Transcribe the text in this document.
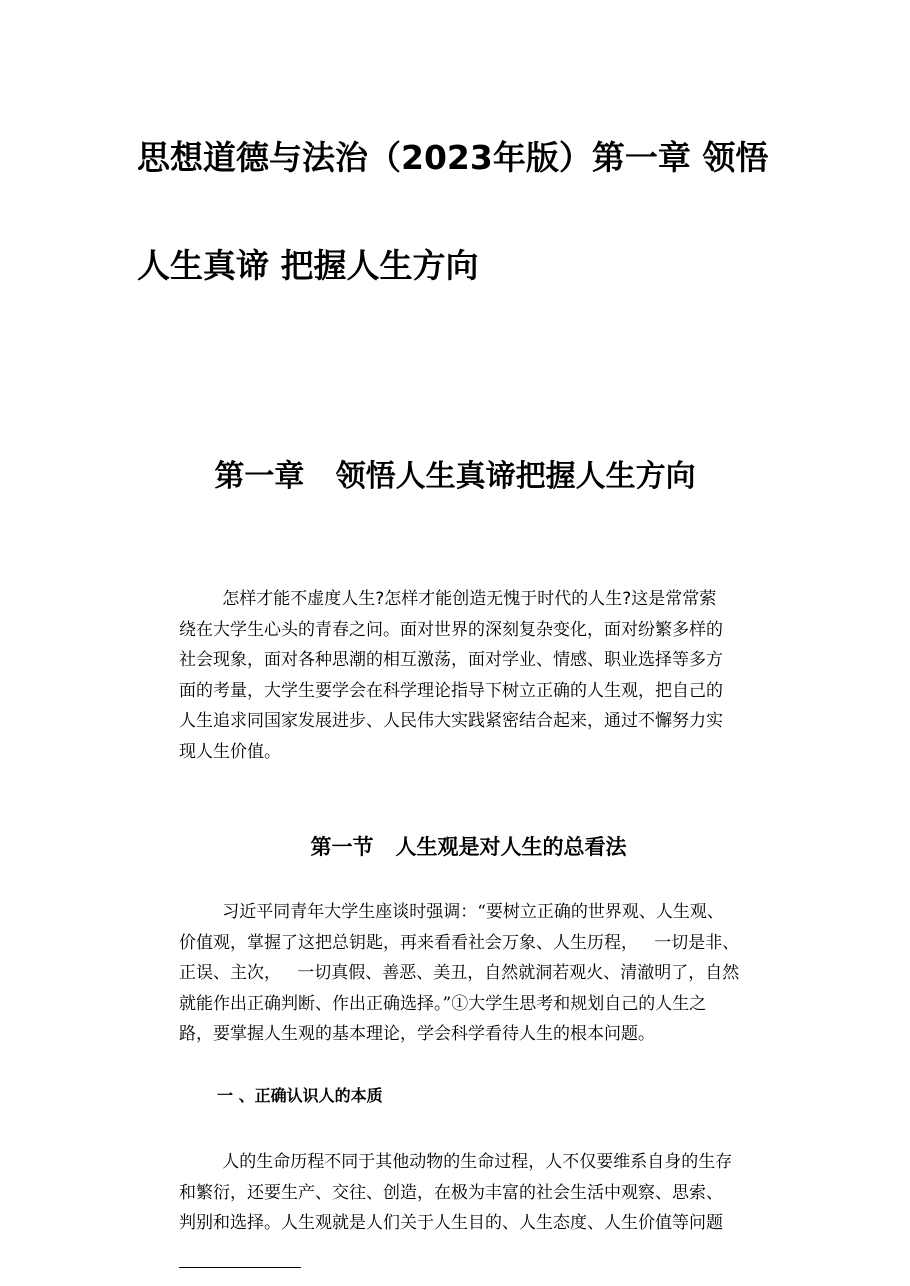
思想道德与法治（2023年版）第一章 领悟
人生真谛 把握人生方向
第一章   领悟人生真谛把握人生方向
怎样才能不虚度人生?怎样才能创造无愧于时代的人生?这是常常萦
绕在大学生心头的青春之问。面对世界的深刻复杂变化，面对纷繁多样的
社会现象，面对各种思潮的相互激荡，面对学业、情感、职业选择等多方
面的考量，大学生要学会在科学理论指导下树立正确的人生观，把自己的
人生追求同国家发展进步、人民伟大实践紧密结合起来，通过不懈努力实
现人生价值。
第一节   人生观是对人生的总看法
习近平同青年大学生座谈时强调：“要树立正确的世界观、人生观、
价值观，掌握了这把总钥匙，再来看看社会万象、人生历程，   一切是非、
正误、主次，   一切真假、善恶、美丑，自然就洞若观火、清澈明了，自然
就能作出正确判断、作出正确选择。”①大学生思考和规划自己的人生之
路，要掌握人生观的基本理论，学会科学看待人生的根本问题。
一 、正确认识人的本质
人的生命历程不同于其他动物的生命过程，人不仅要维系自身的生存
和繁衍，还要生产、交往、创造，在极为丰富的社会生活中观察、思索、
判别和选择。人生观就是人们关于人生目的、人生态度、人生价值等问题
